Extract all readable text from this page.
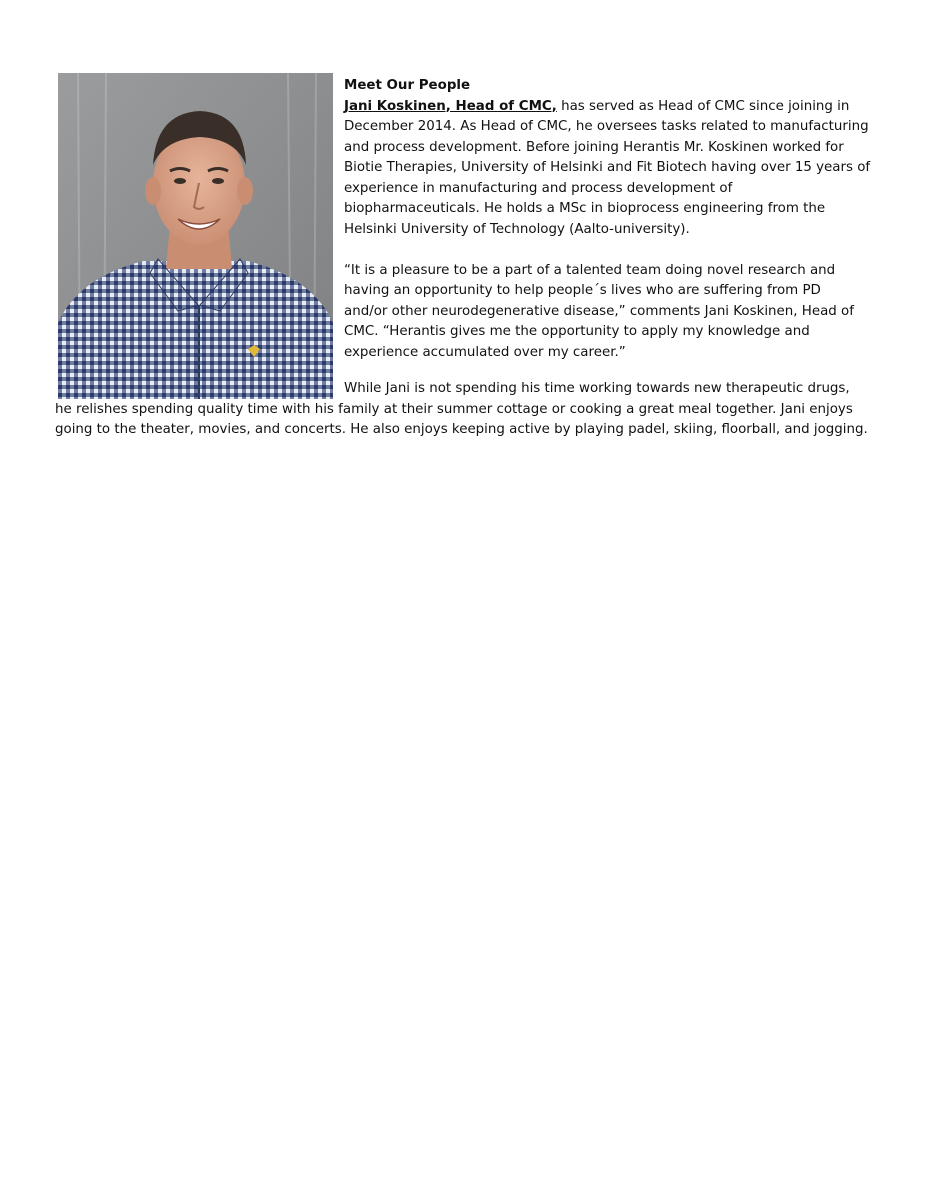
Meet Our People

Jani Koskinen, Head of CMC, has served as Head of CMC since joining in

December 2014. As Head of CMC, he oversees tasks related to manufacturing

and process development. Before joining Herantis Mr. Koskinen worked for

Biotie Therapies, University of Helsinki and Fit Biotech having over 15 years of

experience in manufacturing and process development of

biopharmaceuticals. He holds a MSc in bioprocess engineering from the

Helsinki University of Technology (Aalto-university).

“It is a pleasure to be a part of a talented team doing novel research and

having an opportunity to help people´s lives who are suffering from PD

and/or other neurodegenerative disease,” comments Jani Koskinen, Head of

CMC. “Herantis gives me the opportunity to apply my knowledge and

experience accumulated over my career.”

While Jani is not spending his time working towards new therapeutic drugs,

he relishes spending quality time with his family at their summer cottage or cooking a great meal together. Jani enjoys

going to the theater, movies, and concerts. He also enjoys keeping active by playing padel, skiing, floorball, and jogging.
